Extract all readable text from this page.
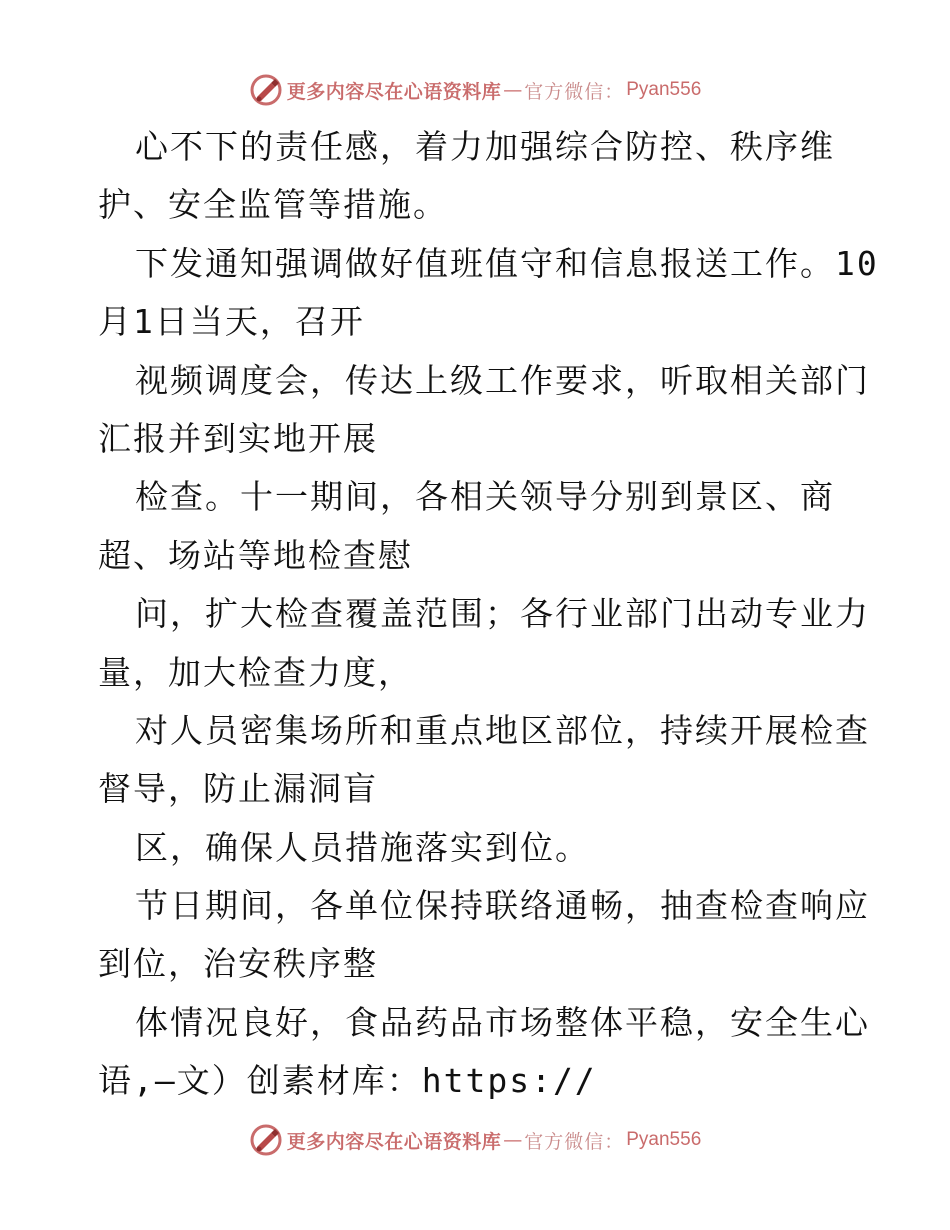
更多内容尽在心语资料库 — 官方微信： Pyan556
心不下的责任感，着力加强综合防控、秩序维
护、安全监管等措施。
下发通知强调做好值班值守和信息报送工作。10
月1日当天，召开
视频调度会，传达上级工作要求，听取相关部门
汇报并到实地开展
检查。十一期间，各相关领导分别到景区、商
超、场站等地检查慰
问，扩大检查覆盖范围；各行业部门出动专业力
量，加大检查力度，
对人员密集场所和重点地区部位，持续开展检查
督导，防止漏洞盲
区，确保人员措施落实到位。
节日期间，各单位保持联络通畅，抽查检查响应
到位，治安秩序整
体情况良好，食品药品市场整体平稳，安全生心
语,—文）创素材库：https://
更多内容尽在心语资料库 — 官方微信： Pyan556
